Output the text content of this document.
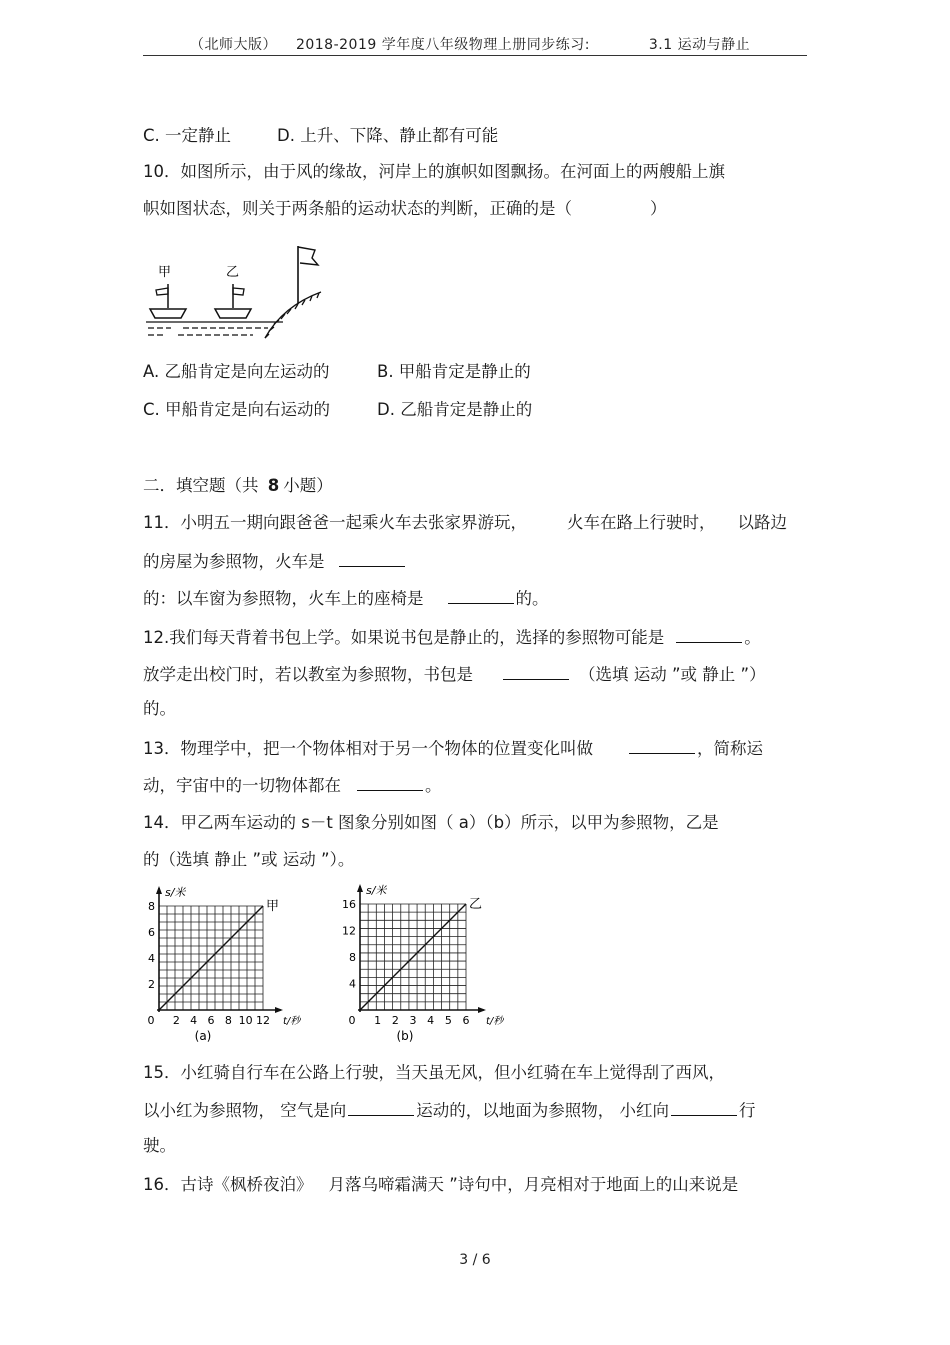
（北师大版） 2018-2019 学年度八年级物理上册同步练习:	3.1 运动与静止
C. 一定静止	D. 上升、下降、静止都有可能
10．如图所示，由于风的缘故，河岸上的旗帜如图飘扬。在河面上的两艘船上旗
帜如图状态，则关于两条船的运动状态的判断，正确的是（	）
甲	乙
A. 乙船肯定是向左运动的	B. 甲船肯定是静止的
C. 甲船肯定是向右运动的	D. 乙船肯定是静止的
二．填空题（共 8 小题）
11．小明五一期向跟爸爸一起乘火车去张家界游玩， 火车在路上行驶时， 以路边
的房屋为参照物，火车是
的：以车窗为参照物，火车上的座椅是	的。
12.我们每天背着书包上学。如果说书包是静止的，选择的参照物可能是	。
放学走出校门时，若以教室为参照物，书包是	（选填 运动 ”或 静止 ”）
的。
13．物理学中，把一个物体相对于另一个物体的位置变化叫做	，简称运
动，宇宙中的一切物体都在	。
14．甲乙两车运动的 s－t 图象分别如图（ a）（b）所示，以甲为参照物，乙是
的（选填 静止 ”或 运动 ”）。
甲
0 2 4 6 8 10 12
2
4
6
8
s/米
t/秒
(a)
乙
0 1 2 3 4 5 6
4
8
12
16
s/米
t/秒
(b)
15．小红骑自行车在公路上行驶，当天虽无风，但小红骑在车上觉得刮了西风，
以小红为参照物， 空气是向	运动的，以地面为参照物， 小红向	行
驶。
16．古诗《枫桥夜泊》 月落乌啼霜满天 ”诗句中，月亮相对于地面上的山来说是
3 / 6
